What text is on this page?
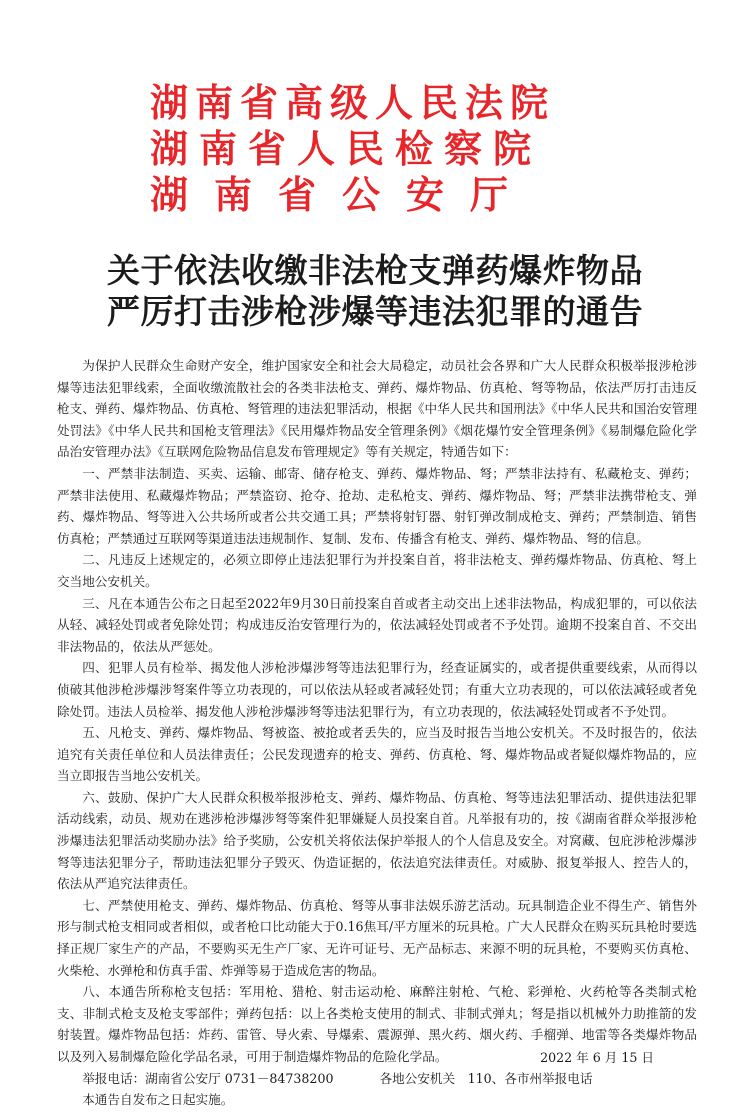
湖南省高级人民法院
湖南省人民检察院
湖　南　省　公　安　厅
关于依法收缴非法枪支弹药爆炸物品
严厉打击涉枪涉爆等违法犯罪的通告

为保护人民群众生命财产安全，维护国家安全和社会大局稳定，动员社会各界和广大人民群众积极举报涉枪涉爆等违法犯罪线索，全面收缴流散社会的各类非法枪支、弹药、爆炸物品、仿真枪、弩等物品，依法严厉打击违反枪支、弹药、爆炸物品、仿真枪、弩管理的违法犯罪活动，根据《中华人民共和国刑法》《中华人民共和国治安管理处罚法》《中华人民共和国枪支管理法》《民用爆炸物品安全管理条例》《烟花爆竹安全管理条例》《易制爆危险化学品治安管理办法》《互联网危险物品信息发布管理规定》等有关规定，特通告如下：

一、严禁非法制造、买卖、运输、邮寄、储存枪支、弹药、爆炸物品、弩；严禁非法持有、私藏枪支、弹药；严禁非法使用、私藏爆炸物品；严禁盗窃、抢夺、抢劫、走私枪支、弹药、爆炸物品、弩；严禁非法携带枪支、弹药、爆炸物品、弩等进入公共场所或者公共交通工具；严禁将射钉器、射钉弹改制成枪支、弹药；严禁制造、销售仿真枪；严禁通过互联网等渠道违法违规制作、复制、发布、传播含有枪支、弹药、爆炸物品、弩的信息。

二、凡违反上述规定的，必须立即停止违法犯罪行为并投案自首，将非法枪支、弹药爆炸物品、仿真枪、弩上交当地公安机关。

三、凡在本通告公布之日起至2022年9月30日前投案自首或者主动交出上述非法物品，构成犯罪的，可以依法从轻、减轻处罚或者免除处罚；构成违反治安管理行为的，依法减轻处罚或者不予处罚。逾期不投案自首、不交出非法物品的，依法从严惩处。

四、犯罪人员有检举、揭发他人涉枪涉爆涉弩等违法犯罪行为，经查证属实的，或者提供重要线索，从而得以侦破其他涉枪涉爆涉弩案件等立功表现的，可以依法从轻或者减轻处罚；有重大立功表现的，可以依法减轻或者免除处罚。违法人员检举、揭发他人涉枪涉爆涉弩等违法犯罪行为，有立功表现的，依法减轻处罚或者不予处罚。

五、凡枪支、弹药、爆炸物品、弩被盗、被抢或者丢失的，应当及时报告当地公安机关。不及时报告的，依法追究有关责任单位和人员法律责任；公民发现遗弃的枪支、弹药、仿真枪、弩、爆炸物品或者疑似爆炸物品的，应当立即报告当地公安机关。

六、鼓励、保护广大人民群众积极举报涉枪支、弹药、爆炸物品、仿真枪、弩等违法犯罪活动、提供违法犯罪活动线索，动员、规劝在逃涉枪涉爆涉弩等案件犯罪嫌疑人员投案自首。凡举报有功的，按《湖南省群众举报涉枪涉爆违法犯罪活动奖励办法》给予奖励，公安机关将依法保护举报人的个人信息及安全。对窝藏、包庇涉枪涉爆涉弩等违法犯罪分子，帮助违法犯罪分子毁灭、伪造证据的，依法追究法律责任。对威胁、报复举报人、控告人的，依法从严追究法律责任。

七、严禁使用枪支、弹药、爆炸物品、仿真枪、弩等从事非法娱乐游艺活动。玩具制造企业不得生产、销售外形与制式枪支相同或者相似，或者枪口比动能大于0.16焦耳/平方厘米的玩具枪。广大人民群众在购买玩具枪时要选择正规厂家生产的产品，不要购买无生产厂家、无许可证号、无产品标志、来源不明的玩具枪，不要购买仿真枪、火柴枪、水弹枪和仿真手雷、炸弹等易于造成危害的物品。

八、本通告所称枪支包括：军用枪、猎枪、射击运动枪、麻醉注射枪、气枪、彩弹枪、火药枪等各类制式枪支、非制式枪支及枪支零部件；弹药包括：以上各类枪支使用的制式、非制式弹丸；弩是指以机械外力助推箭的发射装置。爆炸物品包括：炸药、雷管、导火索、导爆索、震源弹、黑火药、烟火药、手榴弹、地雷等各类爆炸物品以及列入易制爆危险化学品名录，可用于制造爆炸物品的危险化学品。

举报电话：湖南省公安厅 0731－84738200	各地公安机关　110、各市州举报电话

本通告自发布之日起实施。

2022 年 6 月 15 日
